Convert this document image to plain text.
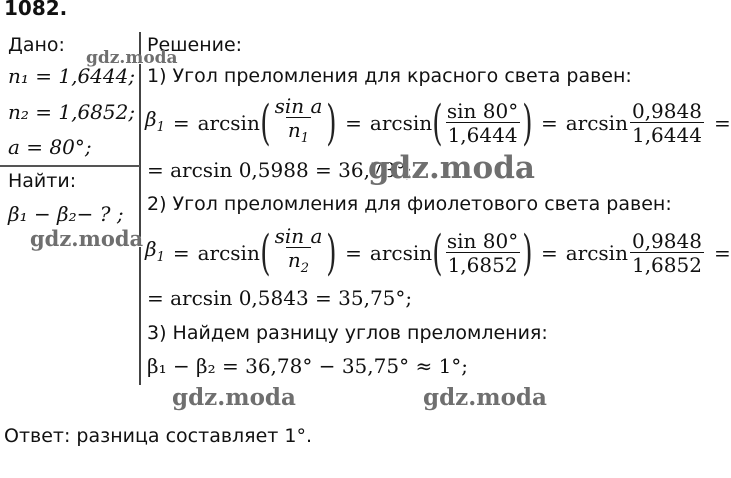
1082.
Дано:
n₁ = 1,6444;
n₂ = 1,6852;
a = 80°;
Найти:
β₁ − β₂− ? ;
Решение:
1) Угол преломления для красного света равен:
$\beta_1 = \arcsin$ ( $\frac{\text{sin a}}{n_1}$ ) = arcsin ( $\frac{\sin 80^\circ}{1,6444}$ ) = $\arcsin \frac{0,9848}{1,6444}$ =
= arcsin 0,5988 = 36,78°;
2) Угол преломления для фиолетового света равен:
$\beta_1 = \arcsin$ ( $\frac{\text{sin a}}{n_2}$ ) = arcsin ( $\frac{\sin 80^\circ}{1,6852}$ ) = $\arcsin \frac{0,9848}{1,6852}$ =
= arcsin 0,5843 = 35,75°;
3) Найдем разницу углов преломления:
β₁ − β₂ = 36,78° − 35,75° ≈ 1°;
Ответ: разница составляет 1°.
gdz.moda
gdz.moda
gdz.moda
gdz.moda	gdz.moda
